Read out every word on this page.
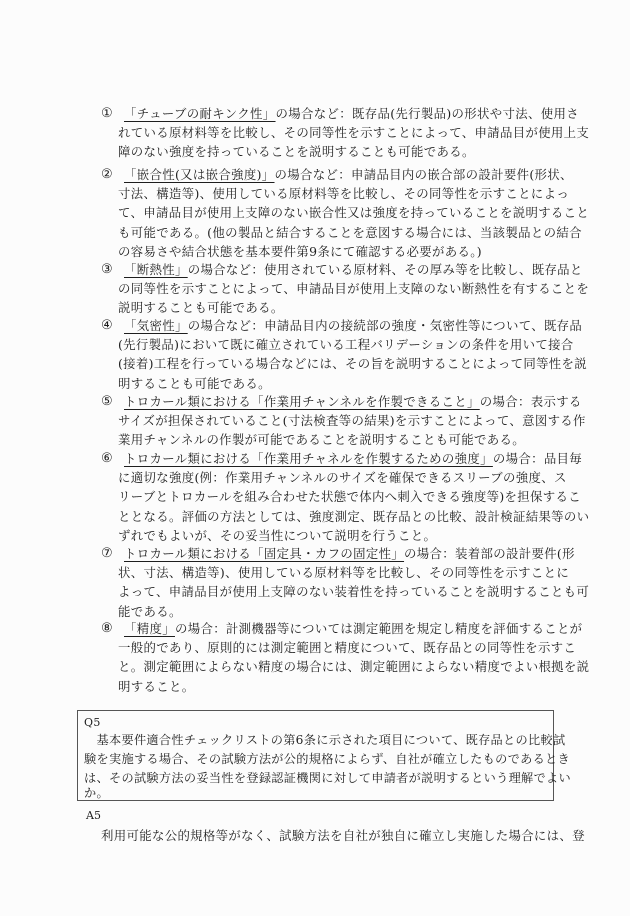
① 「チューブの耐キンク性」の場合など：既存品(先行製品)の形状や寸法、使用さ
れている原材料等を比較し、その同等性を示すことによって、申請品目が使用上支
障のない強度を持っていることを説明することも可能である。
② 「嵌合性(又は嵌合強度)」の場合など：申請品目内の嵌合部の設計要件(形状、
寸法、構造等)、使用している原材料等を比較し、その同等性を示すことによっ
て、申請品目が使用上支障のない嵌合性又は強度を持っていることを説明すること
も可能である。(他の製品と結合することを意図する場合には、当該製品との結合
の容易さや結合状態を基本要件第9条にて確認する必要がある。)
③ 「断熱性」の場合など：使用されている原材料、その厚み等を比較し、既存品と
の同等性を示すことによって、申請品目が使用上支障のない断熱性を有することを
説明することも可能である。
④ 「気密性」の場合など：申請品目内の接続部の強度・気密性等について、既存品
(先行製品)において既に確立されている工程バリデーションの条件を用いて接合
(接着)工程を行っている場合などには、その旨を説明することによって同等性を説
明することも可能である。
⑤ トロカール類における「作業用チャンネルを作製できること」の場合：表示する
サイズが担保されていること(寸法検査等の結果)を示すことによって、意図する作
業用チャンネルの作製が可能であることを説明することも可能である。
⑥ トロカール類における「作業用チャネルを作製するための強度」の場合：品目毎
に適切な強度(例：作業用チャンネルのサイズを確保できるスリーブの強度、ス
リーブとトロカールを組み合わせた状態で体内へ刺入できる強度等)を担保するこ
ととなる。評価の方法としては、強度測定、既存品との比較、設計検証結果等のい
ずれでもよいが、その妥当性について説明を行うこと。
⑦ トロカール類における「固定具・カフの固定性」の場合：装着部の設計要件(形
状、寸法、構造等)、使用している原材料等を比較し、その同等性を示すことに
よって、申請品目が使用上支障のない装着性を持っていることを説明することも可
能である。
⑧ 「精度」の場合：計測機器等については測定範囲を規定し精度を評価することが
一般的であり、原則的には測定範囲と精度について、既存品との同等性を示すこ
と。測定範囲によらない精度の場合には、測定範囲によらない精度でよい根拠を説
明すること。
Q5
　基本要件適合性チェックリストの第6条に示された項目について、既存品との比較試
験を実施する場合、その試験方法が公的規格によらず、自社が確立したものであるとき
は、その試験方法の妥当性を登録認証機関に対して申請者が説明するという理解でよい
か。
A5
利用可能な公的規格等がなく、試験方法を自社が独自に確立し実施した場合には、登
